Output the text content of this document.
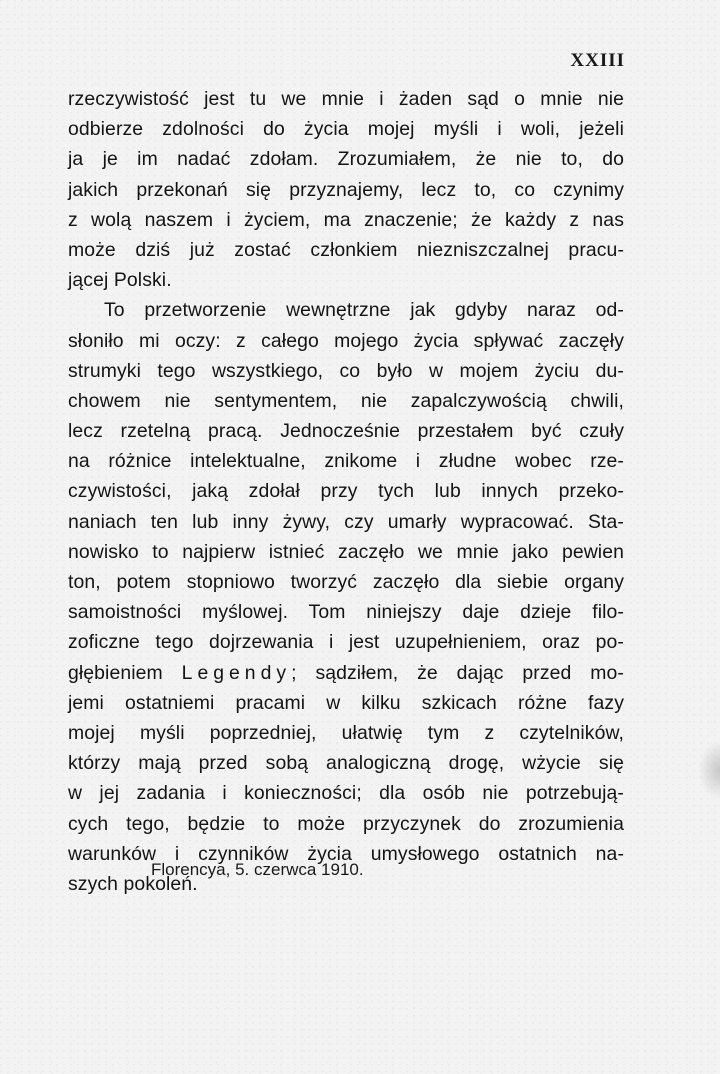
XXIII
rzeczywistość jest tu we mnie i żaden sąd o mnie nie
odbierze zdolności do życia mojej myśli i woli, jeżeli
ja je im nadać zdołam. Zrozumiałem, że nie to, do
jakich przekonań się przyznajemy, lecz to, co czynimy
z wolą naszem i życiem, ma znaczenie; że każdy z nas
może dziś już zostać członkiem niezniszczalnej pracu-
jącej Polski.
To przetworzenie wewnętrzne jak gdyby naraz od-
słoniło mi oczy: z całego mojego życia spływać zaczęły
strumyki tego wszystkiego, co było w mojem życiu du-
chowem nie sentymentem, nie zapalczywością chwili,
lecz rzetelną pracą. Jednocześnie przestałem być czuły
na różnice intelektualne, znikome i złudne wobec rze-
czywistości, jaką zdołał przy tych lub innych przeko-
naniach ten lub inny żywy, czy umarły wypracować. Sta-
nowisko to najpierw istnieć zaczęło we mnie jako pewien
ton, potem stopniowo tworzyć zaczęło dla siebie organy
samoistności myślowej. Tom niniejszy daje dzieje filo-
zoficzne tego dojrzewania i jest uzupełnieniem, oraz po-
głębieniem Legendy; sądziłem, że dając przed mo-
jemi ostatniemi pracami w kilku szkicach różne fazy
mojej myśli poprzedniej, ułatwię tym z czytelników,
którzy mają przed sobą analogiczną drogę, wżycie się
w jej zadania i konieczności; dla osób nie potrzebują-
cych tego, będzie to może przyczynek do zrozumienia
warunków i czynników życia umysłowego ostatnich na-
szych pokoleń.
Florencya, 5. czerwca 1910.
